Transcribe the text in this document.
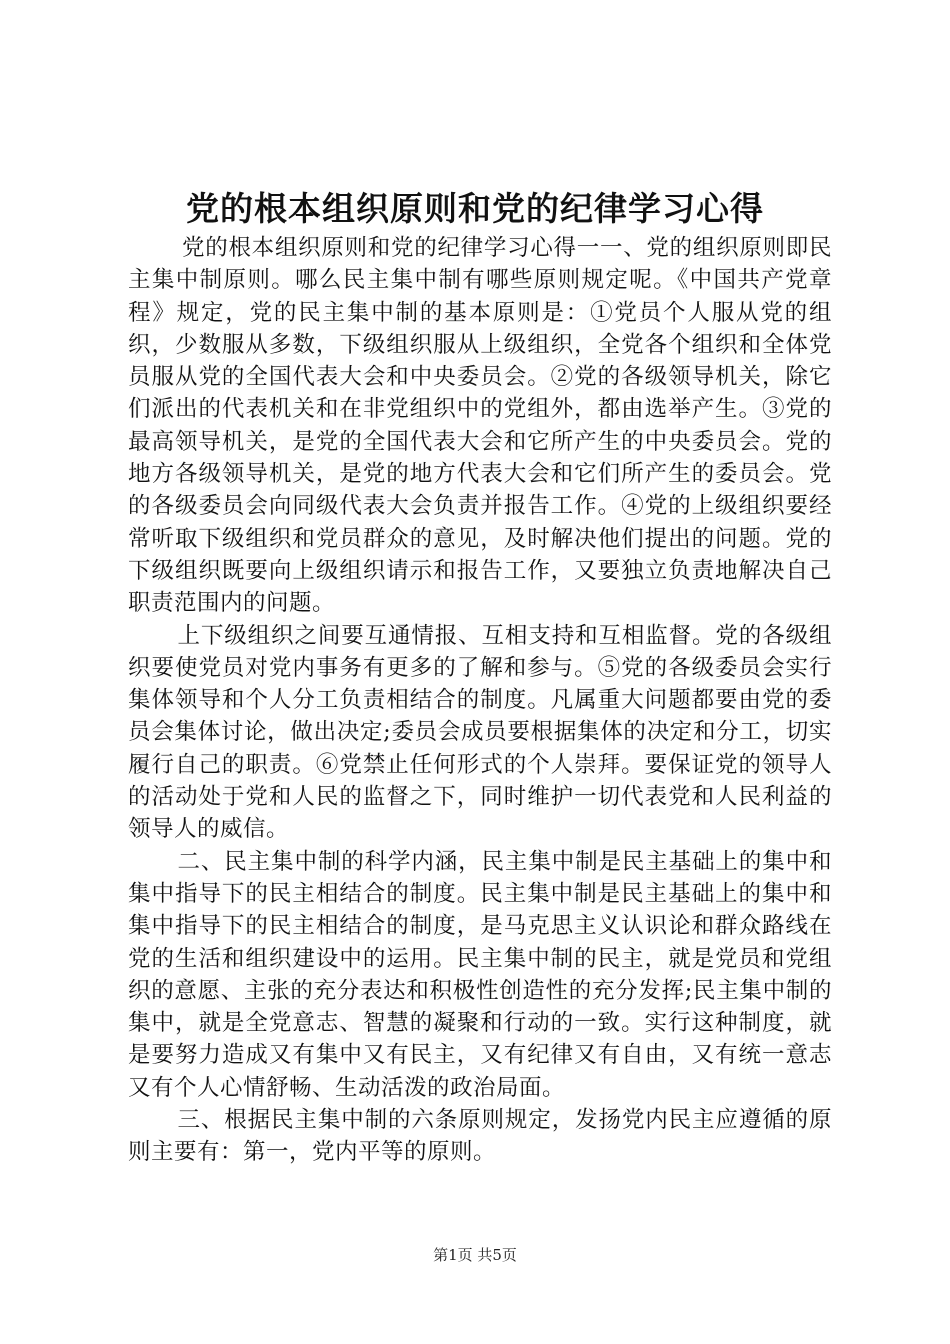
党的根本组织原则和党的纪律学习心得

党的根本组织原则和党的纪律学习心得一一、党的组织原则即民主集中制原则。哪么民主集中制有哪些原则规定呢。《中国共产党章程》规定，党的民主集中制的基本原则是：①党员个人服从党的组织，少数服从多数，下级组织服从上级组织，全党各个组织和全体党员服从党的全国代表大会和中央委员会。②党的各级领导机关，除它们派出的代表机关和在非党组织中的党组外，都由选举产生。③党的最高领导机关，是党的全国代表大会和它所产生的中央委员会。党的地方各级领导机关，是党的地方代表大会和它们所产生的委员会。党的各级委员会向同级代表大会负责并报告工作。④党的上级组织要经常听取下级组织和党员群众的意见，及时解决他们提出的问题。党的下级组织既要向上级组织请示和报告工作，又要独立负责地解决自己职责范围内的问题。

上下级组织之间要互通情报、互相支持和互相监督。党的各级组织要使党员对党内事务有更多的了解和参与。⑤党的各级委员会实行集体领导和个人分工负责相结合的制度。凡属重大问题都要由党的委员会集体讨论，做出决定;委员会成员要根据集体的决定和分工，切实履行自己的职责。⑥党禁止任何形式的个人崇拜。要保证党的领导人的活动处于党和人民的监督之下，同时维护一切代表党和人民利益的领导人的威信。

二、民主集中制的科学内涵，民主集中制是民主基础上的集中和集中指导下的民主相结合的制度。民主集中制是民主基础上的集中和集中指导下的民主相结合的制度，是马克思主义认识论和群众路线在党的生活和组织建设中的运用。民主集中制的民主，就是党员和党组织的意愿、主张的充分表达和积极性创造性的充分发挥;民主集中制的集中，就是全党意志、智慧的凝聚和行动的一致。实行这种制度，就是要努力造成又有集中又有民主，又有纪律又有自由，又有统一意志又有个人心情舒畅、生动活泼的政治局面。

三、根据民主集中制的六条原则规定，发扬党内民主应遵循的原则主要有：第一，党内平等的原则。

第1页 共5页
